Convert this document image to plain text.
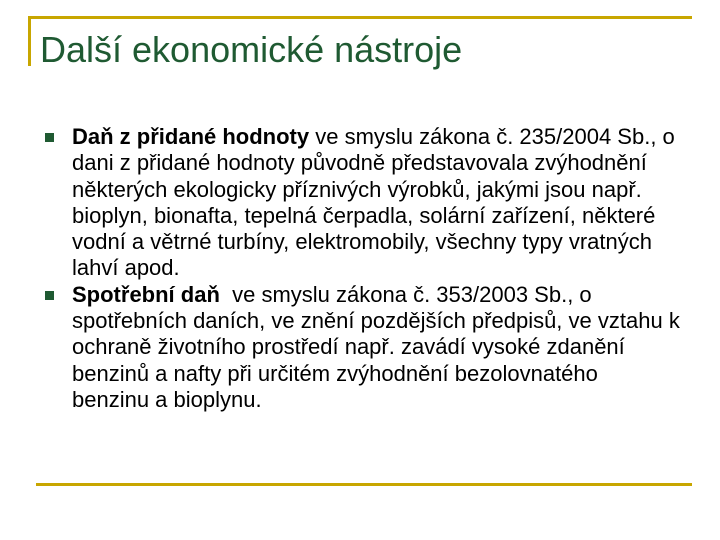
Další ekonomické nástroje
Daň z přidané hodnoty ve smyslu zákona č. 235/2004 Sb., o dani z přidané hodnoty původně představovala zvýhodnění některých ekologicky příznivých výrobků, jakými jsou např. bioplyn, bionafta, tepelná čerpadla, solární zařízení, některé vodní a větrné turbíny, elektromobily, všechny typy vratných lahví apod.
Spotřební daň  ve smyslu zákona č. 353/2003 Sb., o spotřebních daních, ve znění pozdějších předpisů, ve vztahu k ochraně životního prostředí např. zavádí vysoké zdanění benzinů a nafty při určitém zvýhodnění bezolovnatého benzinu a bioplynu.
